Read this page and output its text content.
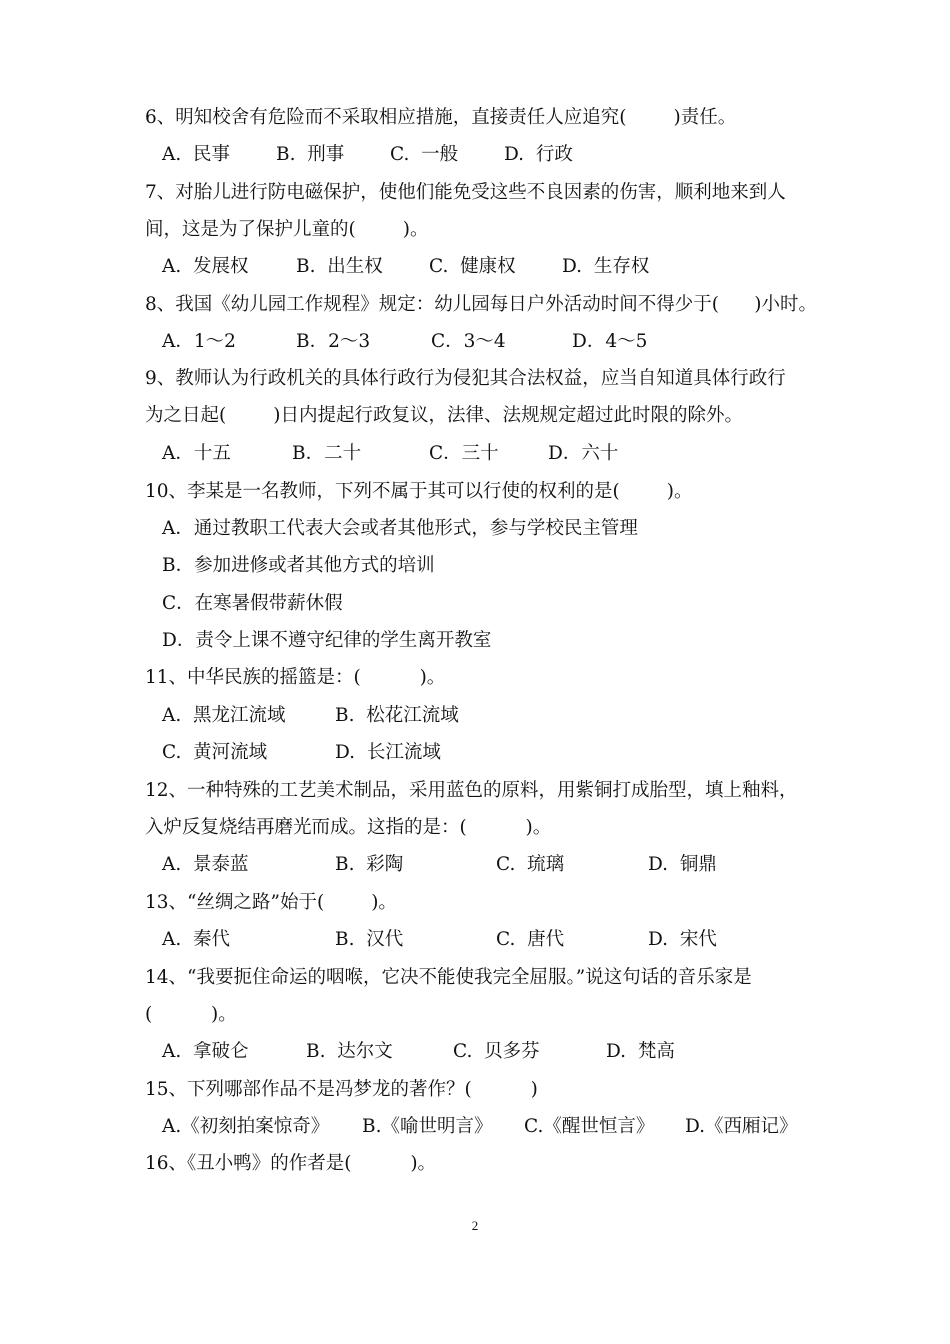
6、明知校舍有危险而不采取相应措施，直接责任人应追究(        )责任。
A.  民事 B.  刑事 C.  一般 D.  行政
7、对胎儿进行防电磁保护，使他们能免受这些不良因素的伤害，顺利地来到人
间，这是为了保护儿童的(        )。
A.  发展权	B.  出生权	C.  健康权	D.  生存权
8、我国《幼儿园工作规程》规定：幼儿园每日户外活动时间不得少于(      )小时。
A．1～2	B．2～3	C．3～4	D．4～5
9、教师认为行政机关的具体行政行为侵犯其合法权益，应当自知道具体行政行
为之日起(        )日内提起行政复议，法律、法规规定超过此时限的除外。
A．十五	B．二十	C．三十	D．六十
10、李某是一名教师，下列不属于其可以行使的权利的是(        )。
A．通过教职工代表大会或者其他形式，参与学校民主管理
B．参加进修或者其他方式的培训
C．在寒暑假带薪休假
D．责令上课不遵守纪律的学生离开教室
11、中华民族的摇篮是：(          )。
A.  黑龙江流域	B.  松花江流域
C.  黄河流域	D.  长江流域
12、一种特殊的工艺美术制品，采用蓝色的原料，用紫铜打成胎型，填上釉料，
入炉反复烧结再磨光而成。这指的是：(          )。
A.  景泰蓝	B.  彩陶	C.  琉璃	D.  铜鼎
13、“丝绸之路”始于(        )。
A.  秦代	B.  汉代	C.  唐代	D.  宋代
14、“我要扼住命运的咽喉，它决不能使我完全屈服。”说这句话的音乐家是
(          )。
A.  拿破仑	B.  达尔文	C.  贝多芬	D.  梵高
15、下列哪部作品不是冯梦龙的著作？(          )
A.《初刻拍案惊奇》 B.《喻世明言》 C.《醒世恒言》 D.《西厢记》
16、《丑小鸭》的作者是(          )。
2
